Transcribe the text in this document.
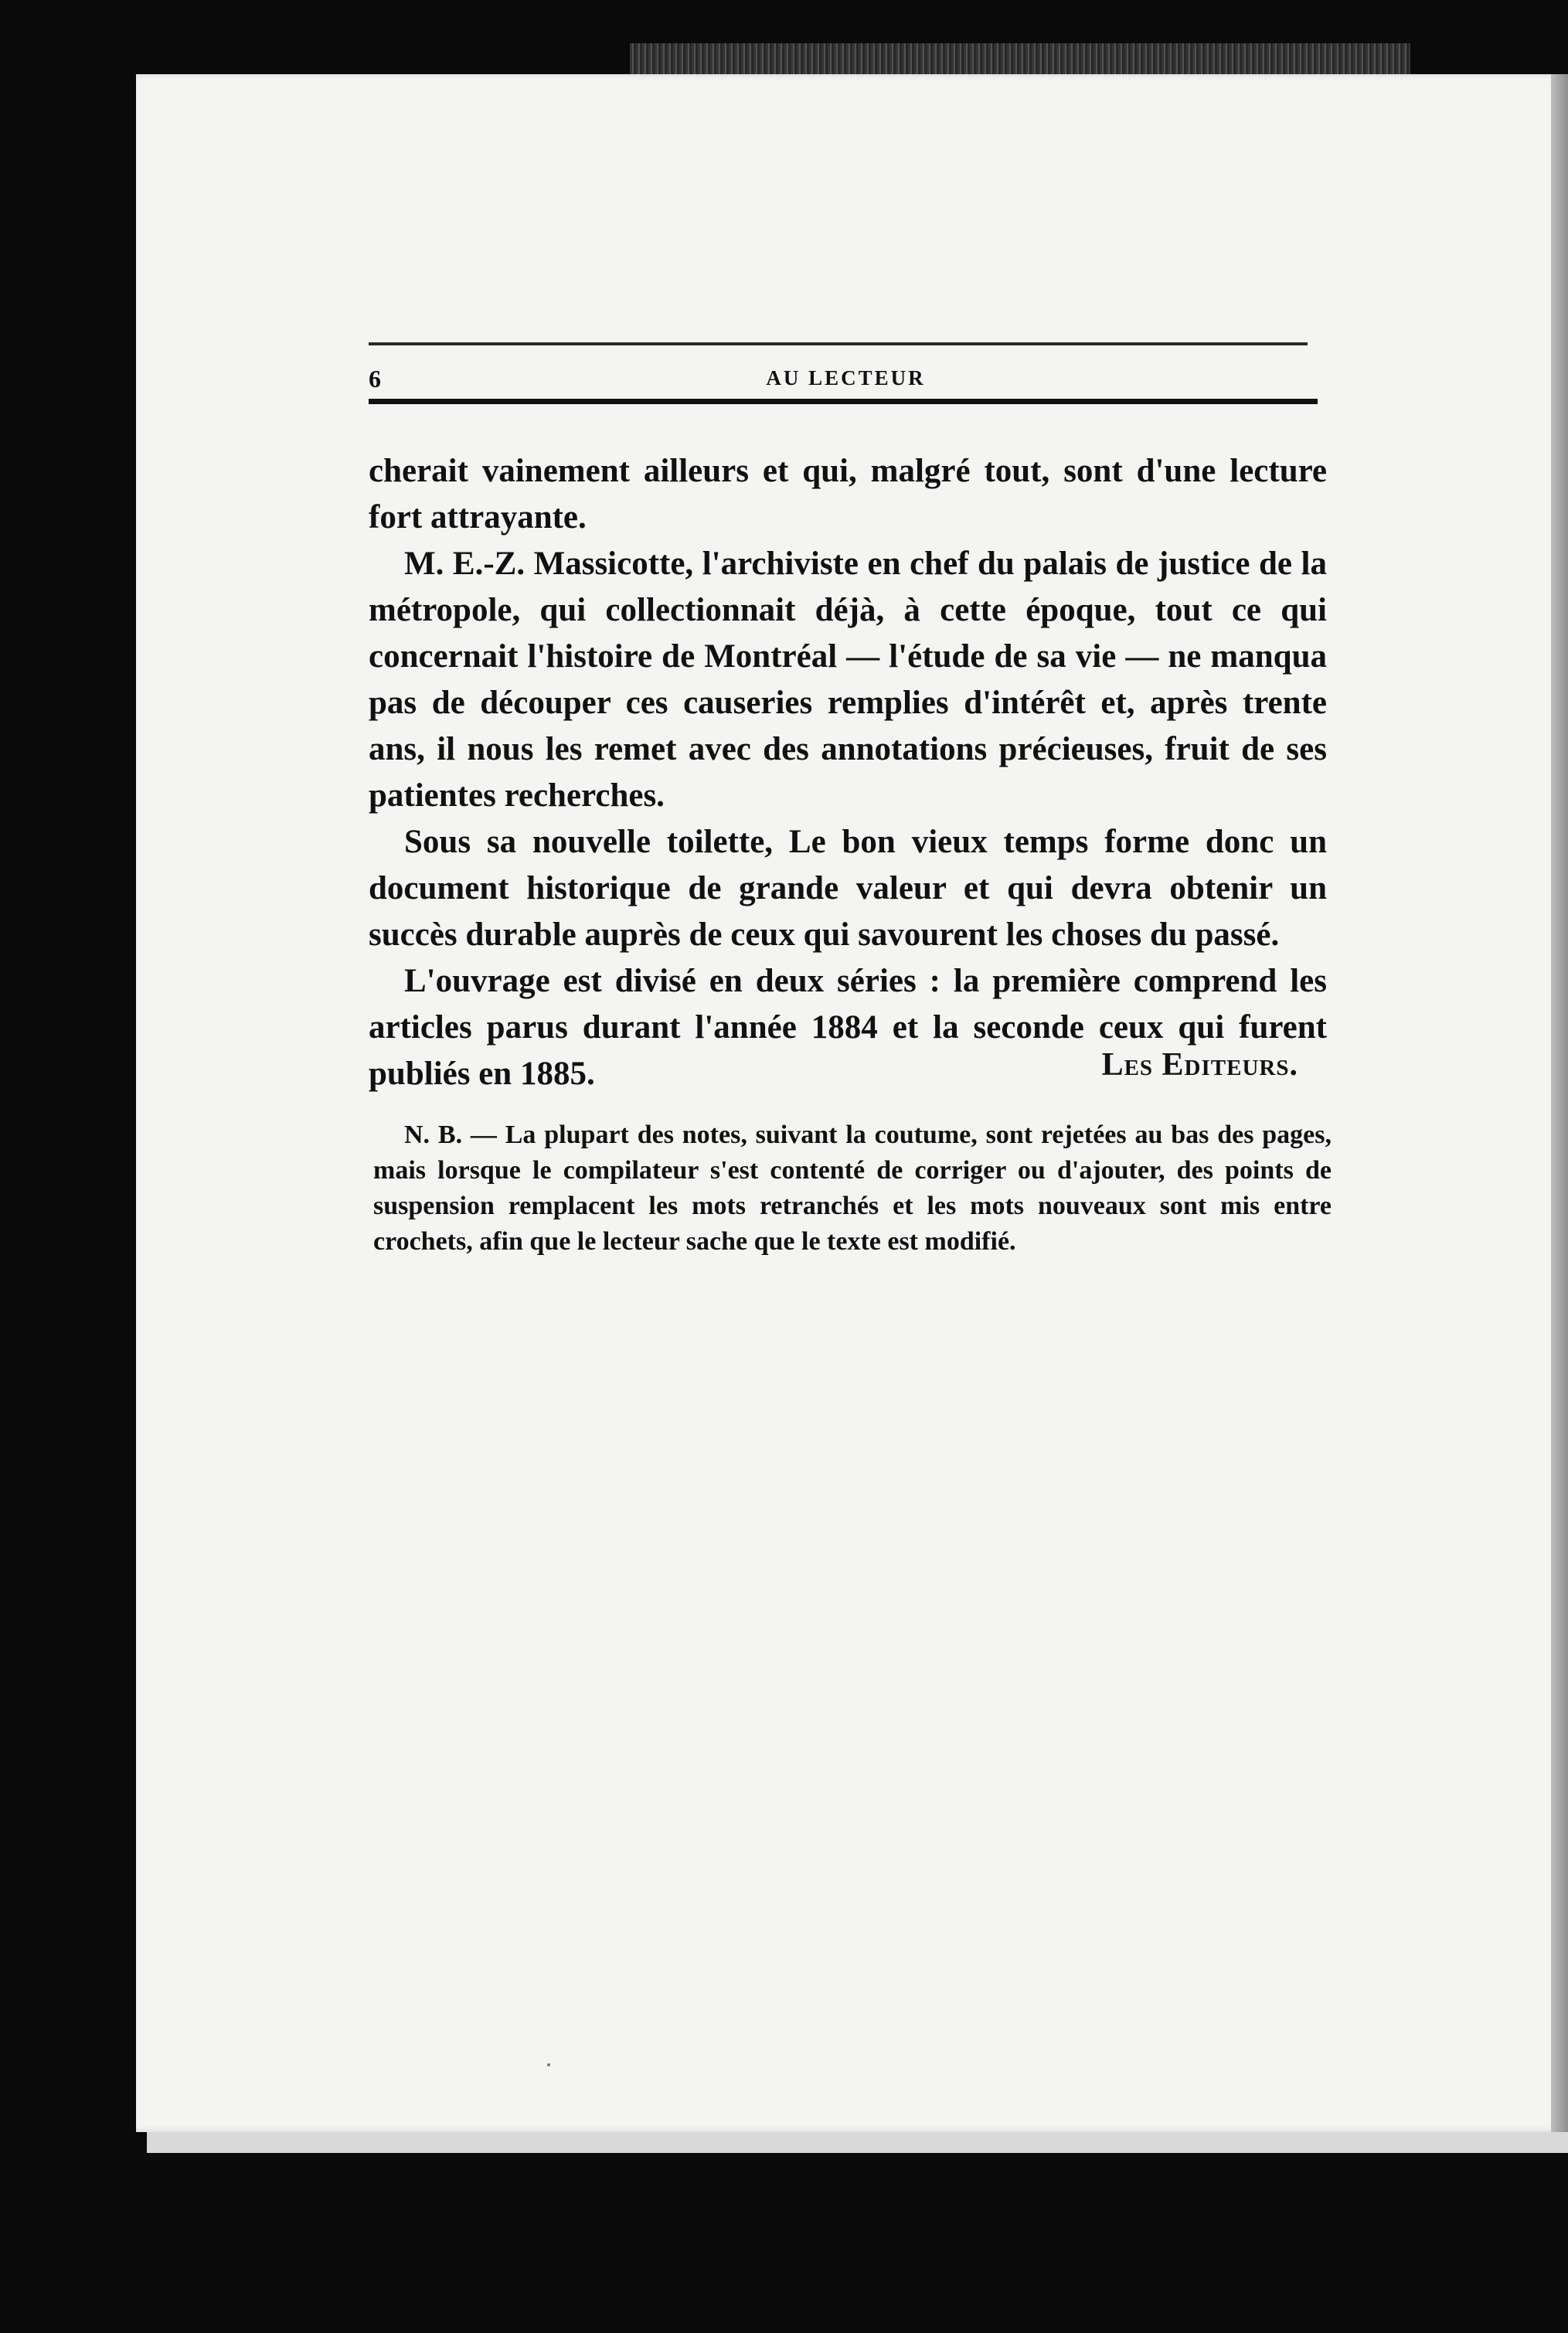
6	AU LECTEUR

cherait vainement ailleurs et qui, malgré tout, sont d'une lecture fort attrayante.

M. E.-Z. Massicotte, l'archiviste en chef du palais de justice de la métropole, qui collectionnait déjà, à cette époque, tout ce qui concernait l'histoire de Montréal — l'étude de sa vie — ne manqua pas de découper ces causeries remplies d'intérêt et, après trente ans, il nous les remet avec des annotations précieuses, fruit de ses patientes recherches.

Sous sa nouvelle toilette, Le bon vieux temps forme donc un document historique de grande valeur et qui devra obtenir un succès durable auprès de ceux qui savourent les choses du passé.

L'ouvrage est divisé en deux séries : la première comprend les articles parus durant l'année 1884 et la seconde ceux qui furent publiés en 1885.	Les Editeurs.

N. B. — La plupart des notes, suivant la coutume, sont rejetées au bas des pages, mais lorsque le compilateur s'est contenté de corriger ou d'ajouter, des points de suspension remplacent les mots retranchés et les mots nouveaux sont mis entre crochets, afin que le lecteur sache que le texte est modifié.
